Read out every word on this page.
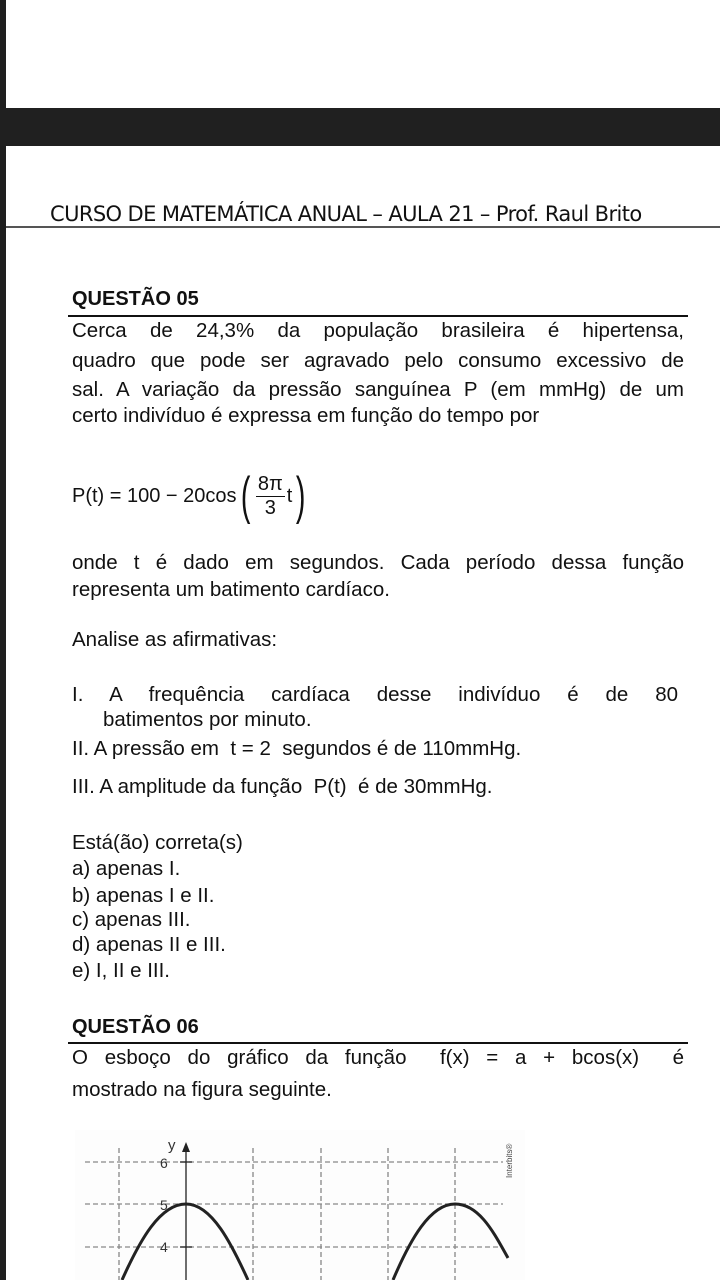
CURSO DE MATEMÁTICA ANUAL – AULA 21 – Prof. Raul Brito
QUESTÃO 05
Cerca de 24,3% da população brasileira é hipertensa,
quadro que pode ser agravado pelo consumo excessivo de
sal. A variação da pressão sanguínea P (em mmHg) de um
certo indivíduo é expressa em função do tempo por
P(t) = 100 − 20cos ( $\frac{8\pi}{3}$ t )
onde t é dado em segundos. Cada período dessa função
representa um batimento cardíaco.
Analise as afirmativas:
I. A frequência cardíaca desse indivíduo é de 80
batimentos por minuto.
II. A pressão em  t = 2  segundos é de 110mmHg.
III. A amplitude da função  P(t)  é de 30mmHg.
Está(ão) correta(s)
a) apenas I.
b) apenas I e II.
c) apenas III.
d) apenas II e III.
e) I, II e III.
QUESTÃO 06
O esboço do gráfico da função  f(x) = a + bcos(x)  é
mostrado na figura seguinte.
y
6
5
4
Interbits®
